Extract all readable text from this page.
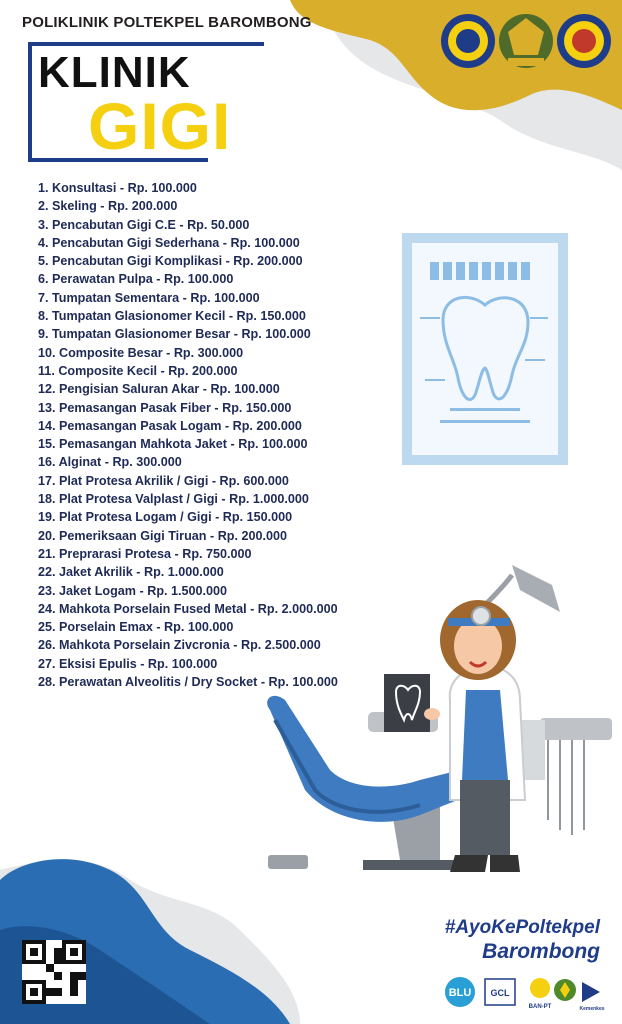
POLIKLINIK POLTEKPEL BAROMBONG
KLINIK
GIGI
1. Konsultasi - Rp. 100.000
2. Skeling - Rp. 200.000
3. Pencabutan Gigi C.E - Rp. 50.000
4. Pencabutan Gigi Sederhana - Rp. 100.000
5. Pencabutan Gigi Komplikasi - Rp. 200.000
6. Perawatan Pulpa - Rp. 100.000
7. Tumpatan Sementara - Rp. 100.000
8. Tumpatan Glasionomer Kecil - Rp. 150.000
9. Tumpatan Glasionomer Besar - Rp. 100.000
10. Composite Besar - Rp. 300.000
11. Composite Kecil - Rp. 200.000
12. Pengisian Saluran Akar - Rp. 100.000
13. Pemasangan Pasak Fiber - Rp. 150.000
14. Pemasangan Pasak Logam - Rp. 200.000
15. Pemasangan Mahkota Jaket - Rp. 100.000
16. Alginat - Rp. 300.000
17. Plat Protesa Akrilik / Gigi - Rp. 600.000
18. Plat Protesa Valplast / Gigi - Rp. 1.000.000
19. Plat Protesa Logam / Gigi - Rp. 150.000
20. Pemeriksaan Gigi Tiruan - Rp. 200.000
21. Preprarasi Protesa - Rp. 750.000
22. Jaket Akrilik - Rp. 1.000.000
23. Jaket Logam - Rp. 1.500.000
24. Mahkota Porselain Fused Metal - Rp. 2.000.000
25. Porselain Emax - Rp. 100.000
26. Mahkota Porselain Zivcronia - Rp. 2.500.000
27. Eksisi Epulis - Rp. 100.000
28. Perawatan Alveolitis / Dry Socket - Rp. 100.000
#AyoKePoltekpel
Barombong
BLU GCL
BAN-PT	Kemenkes
